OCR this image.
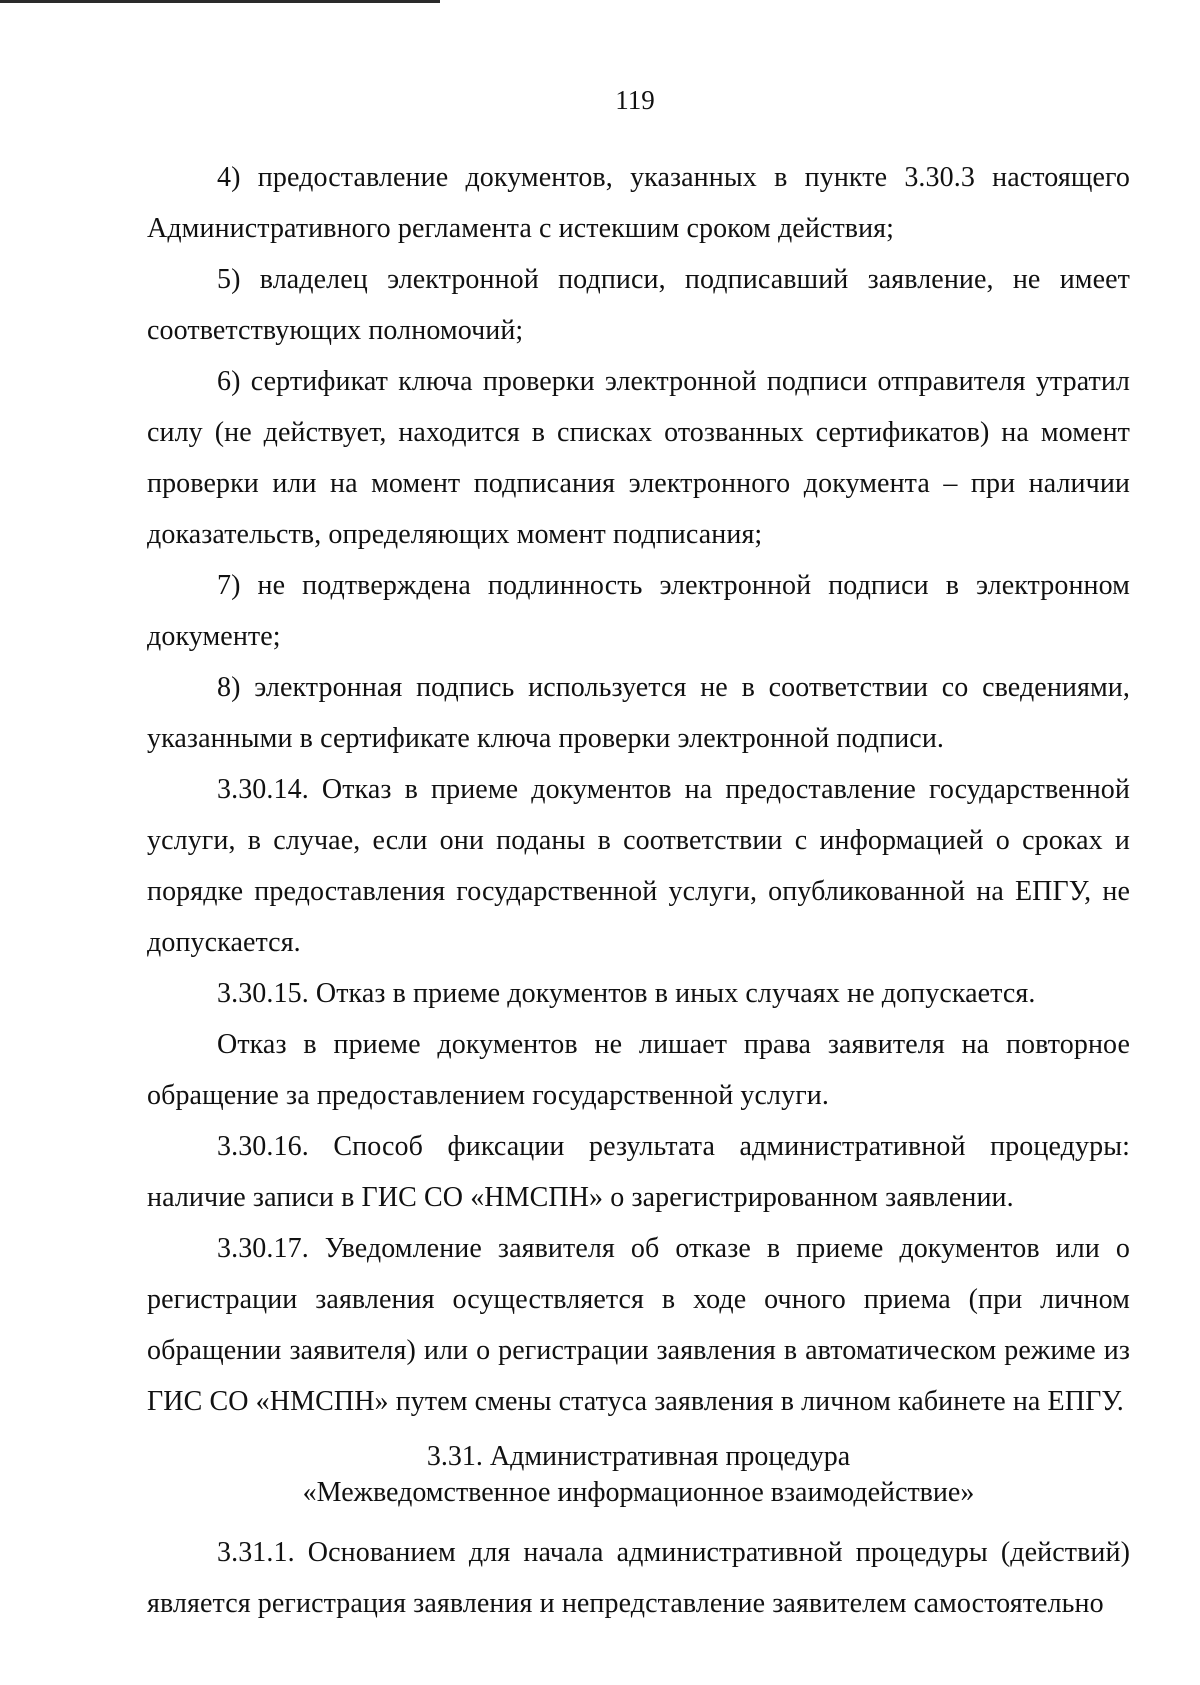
119

4) предоставление документов, указанных в пункте 3.30.3 настоящего Административного регламента с истекшим сроком действия;

5) владелец электронной подписи, подписавший заявление, не имеет соответствующих полномочий;

6) сертификат ключа проверки электронной подписи отправителя утратил силу (не действует, находится в списках отозванных сертификатов) на момент проверки или на момент подписания электронного документа – при наличии доказательств, определяющих момент подписания;

7) не подтверждена подлинность электронной подписи в электронном документе;

8) электронная подпись используется не в соответствии со сведениями, указанными в сертификате ключа проверки электронной подписи.

3.30.14. Отказ в приеме документов на предоставление государственной услуги, в случае, если они поданы в соответствии с информацией о сроках и порядке предоставления государственной услуги, опубликованной на ЕПГУ, не допускается.

3.30.15. Отказ в приеме документов в иных случаях не допускается.

Отказ в приеме документов не лишает права заявителя на повторное обращение за предоставлением государственной услуги.

3.30.16. Способ фиксации результата административной процедуры: наличие записи в ГИС СО «НМСПН» о зарегистрированном заявлении.

3.30.17. Уведомление заявителя об отказе в приеме документов или о регистрации заявления осуществляется в ходе очного приема (при личном обращении заявителя) или о регистрации заявления в автоматическом режиме из ГИС СО «НМСПН» путем смены статуса заявления в личном кабинете на ЕПГУ.

3.31. Административная процедура
«Межведомственное информационное взаимодействие»

3.31.1. Основанием для начала административной процедуры (действий) является регистрация заявления и непредставление заявителем самостоятельно
